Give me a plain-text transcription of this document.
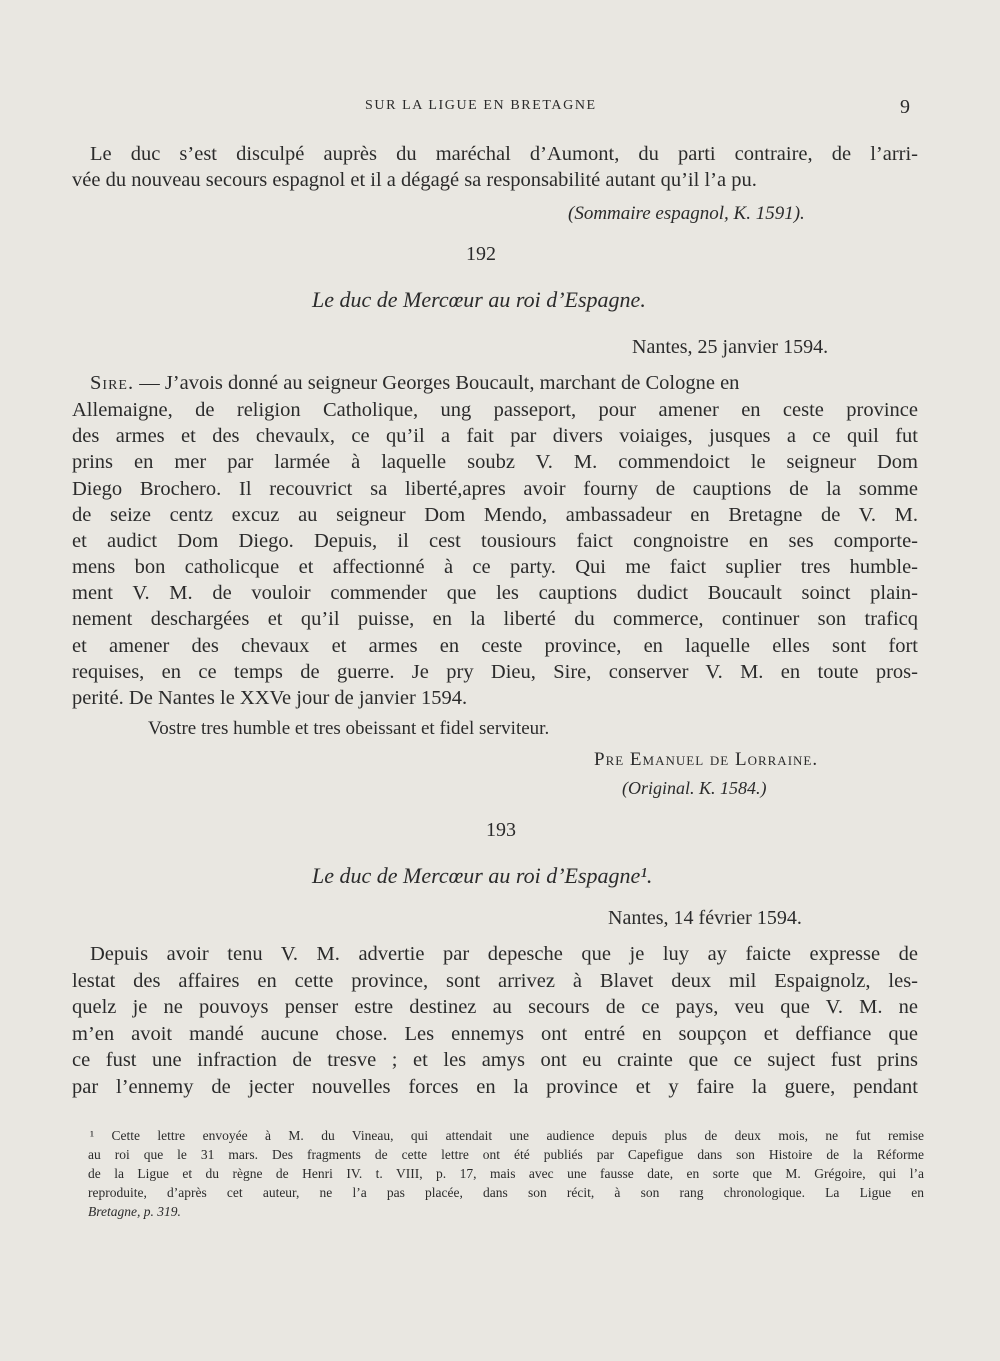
SUR LA LIGUE EN BRETAGNE	9
Le duc s’est disculpé auprès du maréchal d’Aumont, du parti contraire, de l’arri-
vée du nouveau secours espagnol et il a dégagé sa responsabilité autant qu’il l’a pu.
(Sommaire espagnol, K. 1591).
192
Le duc de Mercœur au roi d’Espagne.
Nantes, 25 janvier 1594.
Sire. — J’avois donné au seigneur Georges Boucault, marchant de Cologne en
Allemaigne, de religion Catholique, ung passeport, pour amener en ceste province
des armes et des chevaulx, ce qu’il a fait par divers voiaiges, jusques a ce quil fut
prins en mer par larmée à laquelle soubz V. M. commendoict le seigneur Dom
Diego Brochero. Il recouvrict sa liberté,apres avoir fourny de cauptions de la somme
de seize centz excuz au seigneur Dom Mendo, ambassadeur en Bretagne de V. M.
et audict Dom Diego. Depuis, il cest tousiours faict congnoistre en ses comporte-
mens bon catholicque et affectionné à ce party. Qui me faict suplier tres humble-
ment V. M. de vouloir commender que les cauptions dudict Boucault soinct plain-
nement deschargées et qu’il puisse, en la liberté du commerce, continuer son traficq
et amener des chevaux et armes en ceste province, en laquelle elles sont fort
requises, en ce temps de guerre. Je pry Dieu, Sire, conserver V. M. en toute pros-
perité. De Nantes le XXVe jour de janvier 1594.
Vostre tres humble et tres obeissant et fidel serviteur.
Pre Emanuel de Lorraine.
(Original. K. 1584.)
193
Le duc de Mercœur au roi d’Espagne¹.
Nantes, 14 février 1594.
Depuis avoir tenu V. M. advertie par depesche que je luy ay faicte expresse de
lestat des affaires en cette province, sont arrivez à Blavet deux mil Espaignolz, les-
quelz je ne pouvoys penser estre destinez au secours de ce pays, veu que V. M. ne
m’en avoit mandé aucune chose. Les ennemys ont entré en soupçon et deffiance que
ce fust une infraction de tresve ; et les amys ont eu crainte que ce suject fust prins
par l’ennemy de jecter nouvelles forces en la province et y faire la guere, pendant
¹ Cette lettre envoyée à M. du Vineau, qui attendait une audience depuis plus de deux mois, ne fut remise
au roi que le 31 mars. Des fragments de cette lettre ont été publiés par Capefigue dans son Histoire de la Réforme
de la Ligue et du règne de Henri IV. t. VIII, p. 17, mais avec une fausse date, en sorte que M. Grégoire, qui l’a
reproduite, d’après cet auteur, ne l’a pas placée, dans son récit, à son rang chronologique. La Ligue en
Bretagne, p. 319.
